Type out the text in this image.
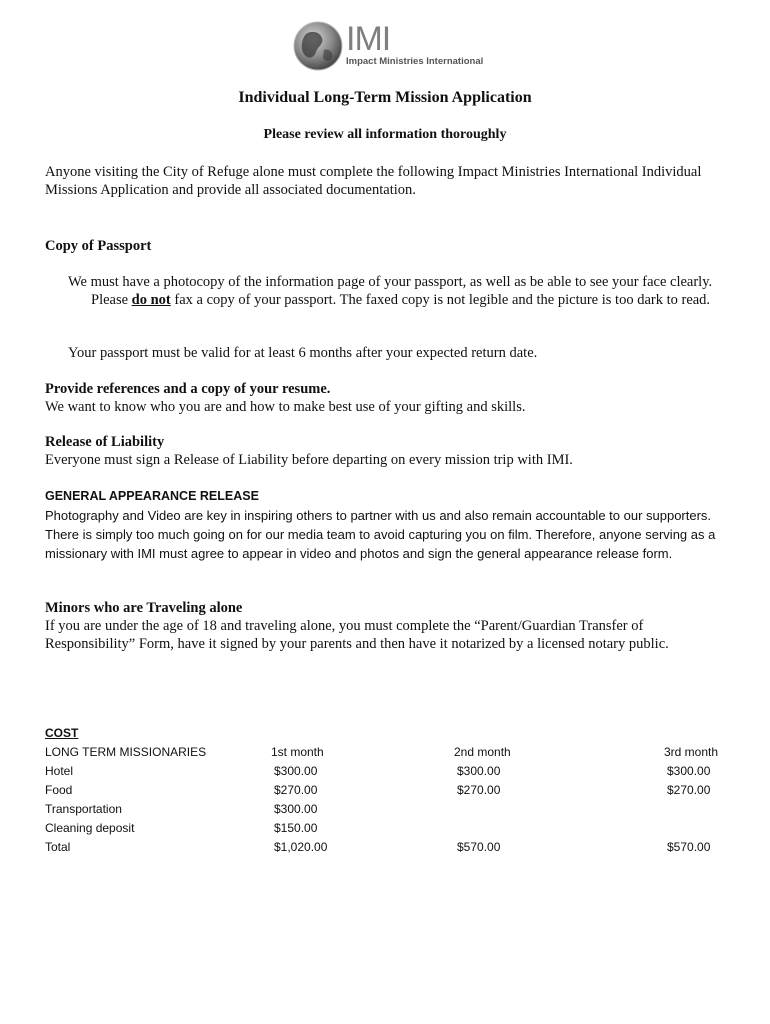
IMI
Impact Ministries International
Individual Long-Term Mission Application
Please review all information thoroughly
Anyone visiting the City of Refuge alone must complete the following Impact Ministries International Individual Missions Application and provide all associated documentation.
Copy of Passport
We must have a photocopy of the information page of your passport, as well as be able to see your face clearly. Please do not fax a copy of your passport. The faxed copy is not legible and the picture is too dark to read.
Your passport must be valid for at least 6 months after your expected return date.
Provide references and a copy of your resume.
We want to know who you are and how to make best use of your gifting and skills.
Release of Liability
Everyone must sign a Release of Liability before departing on every mission trip with IMI.
GENERAL APPEARANCE RELEASE
Photography and Video are key in inspiring others to partner with us and also remain accountable to our supporters. There is simply too much going on for our media team to avoid capturing you on film. Therefore, anyone serving as a missionary with IMI must agree to appear in video and photos and sign the general appearance release form.
Minors who are Traveling alone
If you are under the age of 18 and traveling alone, you must complete the “Parent/Guardian Transfer of Responsibility” Form, have it signed by your parents and then have it notarized by a licensed notary public.
COST
LONG TERM MISSIONARIES	1st month	2nd month	3rd month
Hotel	$300.00	$300.00	$300.00
Food	$270.00	$270.00	$270.00
Transportation	$300.00
Cleaning deposit	$150.00
Total	$1,020.00	$570.00	$570.00
